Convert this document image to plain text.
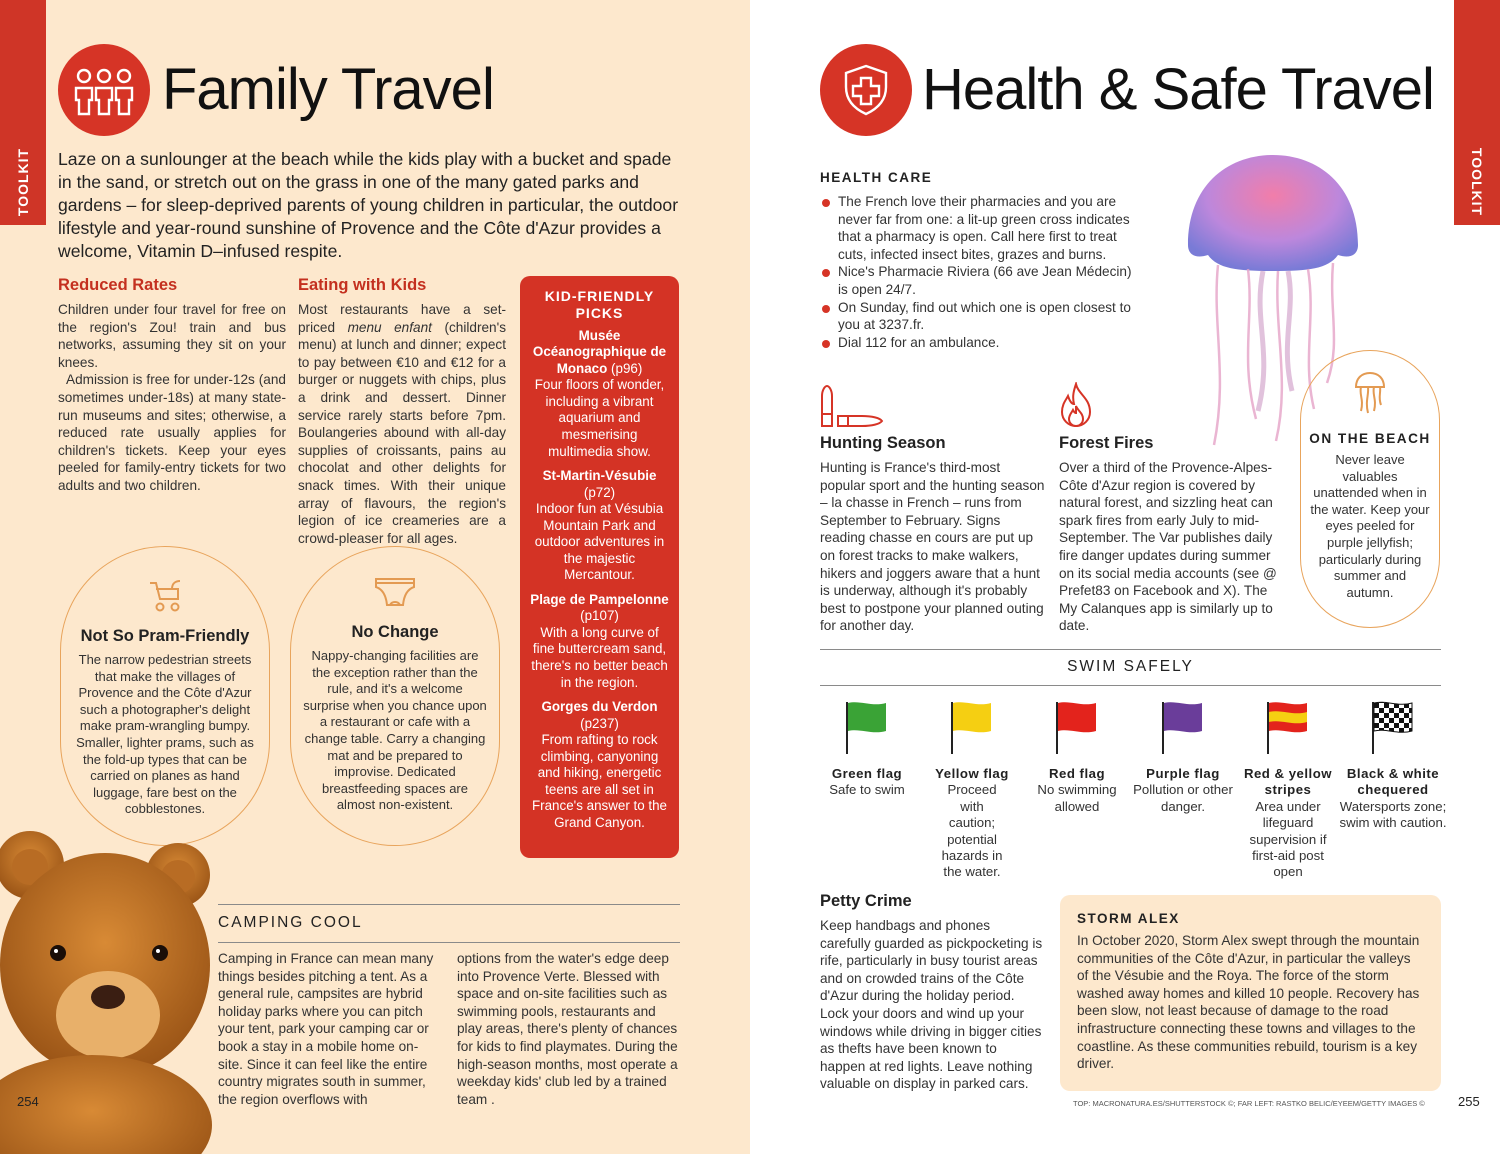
TOOLKIT
Family Travel
Laze on a sunlounger at the beach while the kids play with a bucket and spade in the sand, or stretch out on the grass in one of the many gated parks and gardens – for sleep-deprived parents of young children in particular, the outdoor lifestyle and year-round sunshine of Provence and the Côte d'Azur provides a welcome, Vitamin D–infused respite.
Reduced Rates

Children under four travel for free on the region's Zou! train and bus networks, assuming they sit on your knees.

Admission is free for under-12s (and sometimes under-18s) at many state-run museums and sites; otherwise, a reduced rate usually applies for children's tickets. Keep your eyes peeled for family-entry tickets for two adults and two children.

Eating with Kids

Most restaurants have a set-priced menu enfant (children's menu) at lunch and dinner; expect to pay between €10 and €12 for a burger or nuggets with chips, plus a drink and dessert. Dinner service rarely starts before 7pm. Boulangeries abound with all-day supplies of croissants, pains au chocolat and other delights for snack times. With their unique array of flavours, the region's legion of ice creameries are a crowd-pleaser for all ages.

KID-FRIENDLY PICKS
Musée Océanographique de Monaco (p96)
Four floors of wonder, including a vibrant aquarium and mesmerising multimedia show.
St-Martin-Vésubie (p72)
Indoor fun at Vésubia Mountain Park and outdoor adventures in the majestic Mercantour.
Plage de Pampelonne (p107)
With a long curve of fine buttercream sand, there's no better beach in the region.
Gorges du Verdon (p237)
From rafting to rock climbing, canyoning and hiking, energetic teens are all set in France's answer to the Grand Canyon.
Not So Pram-Friendly

The narrow pedestrian streets that make the villages of Provence and the Côte d'Azur such a photographer's delight make pram-wrangling bumpy. Smaller, lighter prams, such as the fold-up types that can be carried on planes as hand luggage, fare best on the cobblestones.

No Change

Nappy-changing facilities are the exception rather than the rule, and it's a welcome surprise when you chance upon a restaurant or cafe with a change table. Carry a changing mat and be prepared to improvise. Dedicated breastfeeding spaces are almost non-existent.

CAMPING COOL

Camping in France can mean many things besides pitching a tent. As a general rule, campsites are hybrid holiday parks where you can pitch your tent, park your camping car or book a stay in a mobile home on-site. Since it can feel like the entire country migrates south in summer, the region overflows with

options from the water's edge deep into Provence Verte. Blessed with space and on-site facilities such as swimming pools, restaurants and play areas, there's plenty of chances for kids to find playmates. During the high-season months, most operate a weekday kids' club led by a trained team .

254
TOOLKIT
Health & Safe Travel
HEALTH CARE
The French love their pharmacies and you are never far from one: a lit-up green cross indicates that a pharmacy is open. Call here first to treat cuts, infected insect bites, grazes and burns.
Nice's Pharmacie Riviera (66 ave Jean Médecin) is open 24/7.
On Sunday, find out which one is open closest to you at 3237.fr.
Dial 112 for an ambulance.
Hunting Season

Hunting is France's third-most popular sport and the hunting season – la chasse in French – runs from September to February. Signs reading chasse en cours are put up on forest tracks to make walkers, hikers and joggers aware that a hunt is underway, although it's probably best to postpone your planned outing for another day.

Forest Fires

Over a third of the Provence-Alpes-Côte d'Azur region is covered by natural forest, and sizzling heat can spark fires from early July to mid-September. The Var publishes daily fire danger updates during summer on its social media accounts (see @ Prefet83 on Facebook and X). The My Calanques app is similarly up to date.

ON THE BEACH

Never leave valuables unattended when in the water. Keep your eyes peeled for purple jellyfish; particularly during summer and autumn.

SWIM SAFELY
Green flag
Safe to swim
Yellow flag
Proceed with caution; potential hazards in the water.
Red flag
No swimming allowed
Purple flag
Pollution or other danger.
Red & yellow stripes
Area under lifeguard supervision if first-aid post open
Black & white chequered
Watersports zone; swim with caution.
Petty Crime

Keep handbags and phones carefully guarded as pickpocketing is rife, particularly in busy tourist areas and on crowded trains of the Côte d'Azur during the holiday period. Lock your doors and wind up your windows while driving in bigger cities as thefts have been known to happen at red lights. Leave nothing valuable on display in parked cars.

STORM ALEX

In October 2020, Storm Alex swept through the mountain communities of the Côte d'Azur, in particular the valleys of the Vésubie and the Roya. The force of the storm washed away homes and killed 10 people. Recovery has been slow, not least because of damage to the road infrastructure connecting these towns and villages to the coastline. As these communities rebuild, tourism is a key driver.

TOP: MACRONATURA.ES/SHUTTERSTOCK ©; FAR LEFT: RASTKO BELIC/EYEEM/GETTY IMAGES ©	255
